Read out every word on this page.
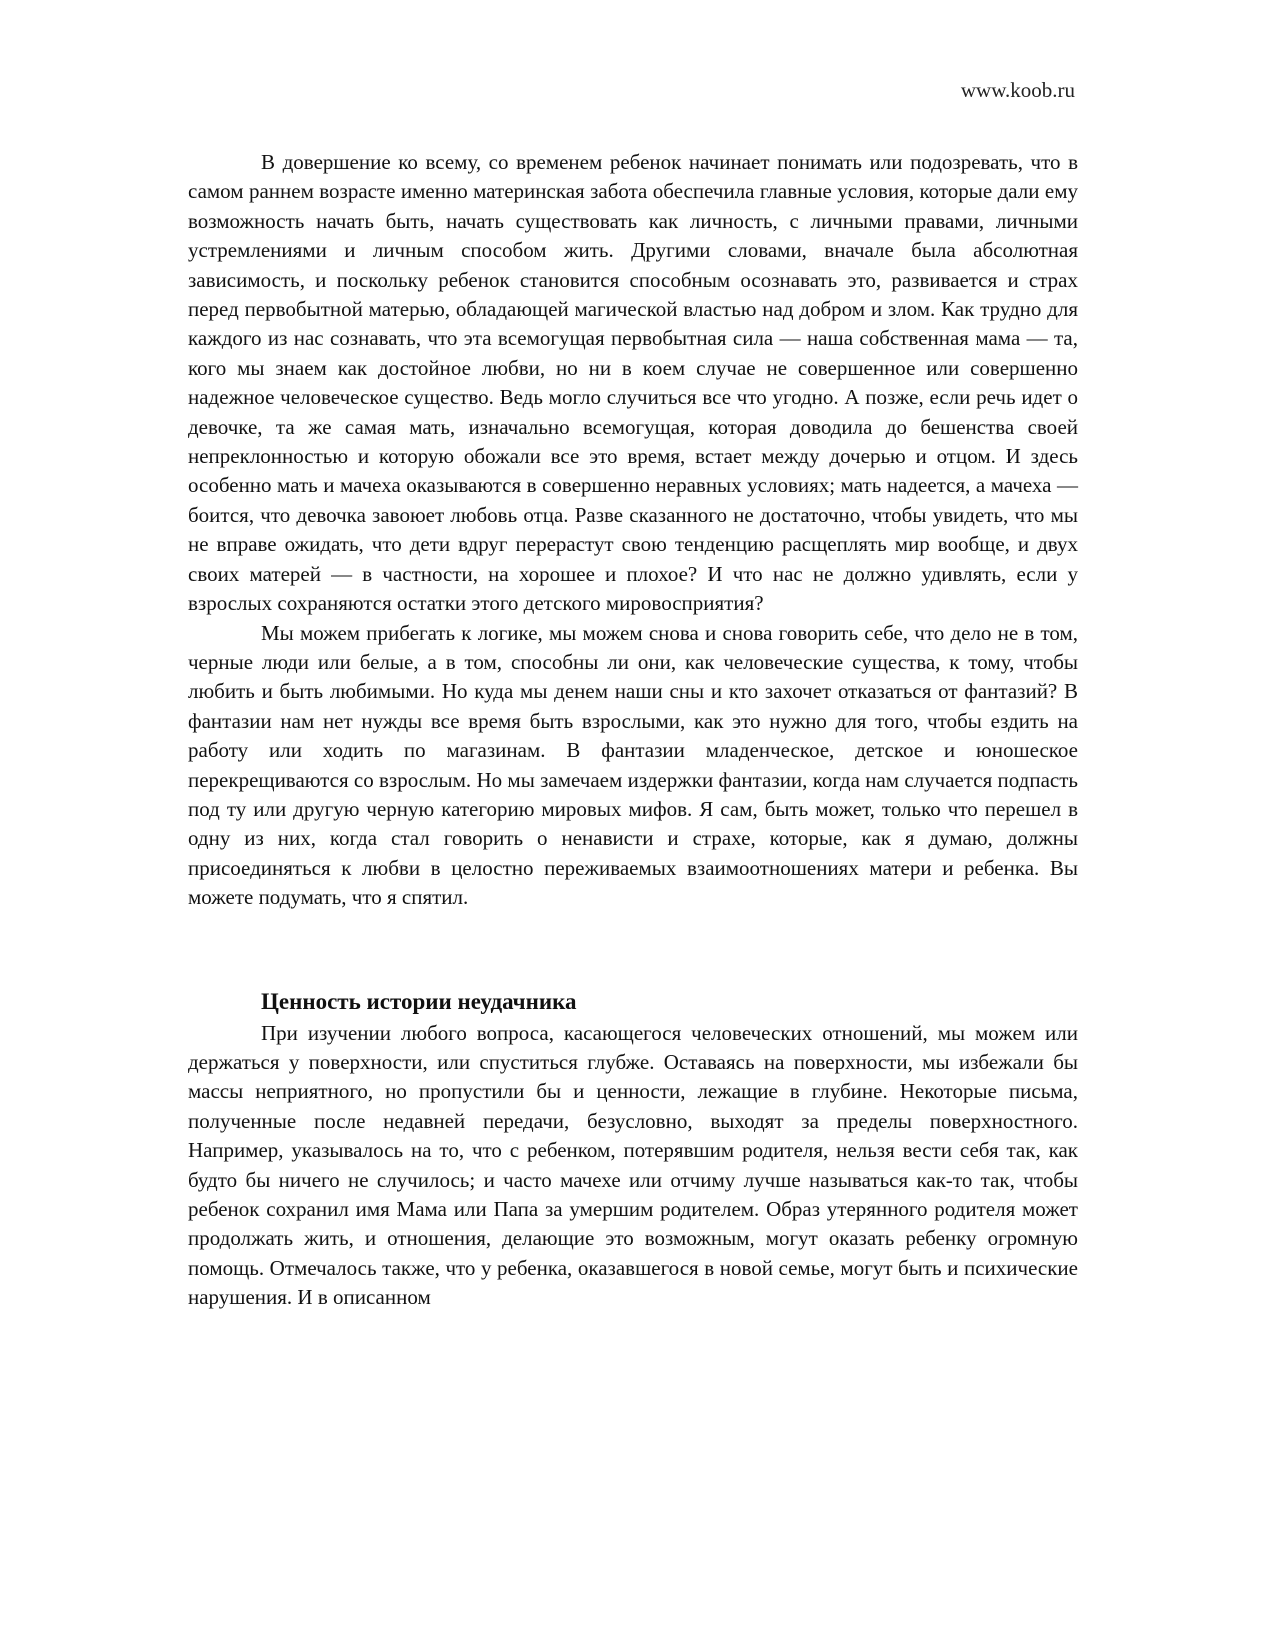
www.koob.ru

В довершение ко всему, со временем ребенок начинает понимать или подозревать, что в самом раннем возрасте именно материнская забота обеспечила главные условия, которые дали ему возможность начать быть, начать существовать как личность, с личными правами, личными устремлениями и личным способом жить. Другими словами, вначале была абсолютная зависимость, и поскольку ребенок становится способным осознавать это, развивается и страх перед первобытной матерью, обладающей магической властью над добром и злом. Как трудно для каждого из нас сознавать, что эта всемогущая первобытная сила — наша собственная мама — та, кого мы знаем как достойное любви, но ни в коем случае не совершенное или совершенно надежное человеческое существо. Ведь могло случиться все что угодно. А позже, если речь идет о девочке, та же самая мать, изначально всемогущая, которая доводила до бешенства своей непреклонностью и которую обожали все это время, встает между дочерью и отцом. И здесь особенно мать и мачеха оказываются в совершенно неравных условиях; мать надеется, а мачеха — боится, что девочка завоюет любовь отца. Разве сказанного не достаточно, чтобы увидеть, что мы не вправе ожидать, что дети вдруг перерастут свою тенденцию расщеплять мир вообще, и двух своих матерей — в частности, на хорошее и плохое? И что нас не должно удивлять, если у взрослых сохраняются остатки этого детского мировосприятия?

Мы можем прибегать к логике, мы можем снова и снова говорить себе, что дело не в том, черные люди или белые, а в том, способны ли они, как человеческие существа, к тому, чтобы любить и быть любимыми. Но куда мы денем наши сны и кто захочет отказаться от фантазий? В фантазии нам нет нужды все время быть взрослыми, как это нужно для того, чтобы ездить на работу или ходить по магазинам. В фантазии младенческое, детское и юношеское перекрещиваются со взрослым. Но мы замечаем издержки фантазии, когда нам случается подпасть под ту или другую черную категорию мировых мифов. Я сам, быть может, только что перешел в одну из них, когда стал говорить о ненависти и страхе, которые, как я думаю, должны присоединяться к любви в целостно переживаемых взаимоотношениях матери и ребенка. Вы можете подумать, что я спятил.

Ценность истории неудачника

При изучении любого вопроса, касающегося человеческих отношений, мы можем или держаться у поверхности, или спуститься глубже. Оставаясь на поверхности, мы избежали бы массы неприятного, но пропустили бы и ценности, лежащие в глубине. Некоторые письма, полученные после недавней передачи, безусловно, выходят за пределы поверхностного. Например, указывалось на то, что с ребенком, потерявшим родителя, нельзя вести себя так, как будто бы ничего не случилось; и часто мачехе или отчиму лучше называться как-то так, чтобы ребенок сохранил имя Мама или Папа за умершим родителем. Образ утерянного родителя может продолжать жить, и отношения, делающие это возможным, могут оказать ребенку огромную помощь. Отмечалось также, что у ребенка, оказавшегося в новой семье, могут быть и психические нарушения. И в описанном
